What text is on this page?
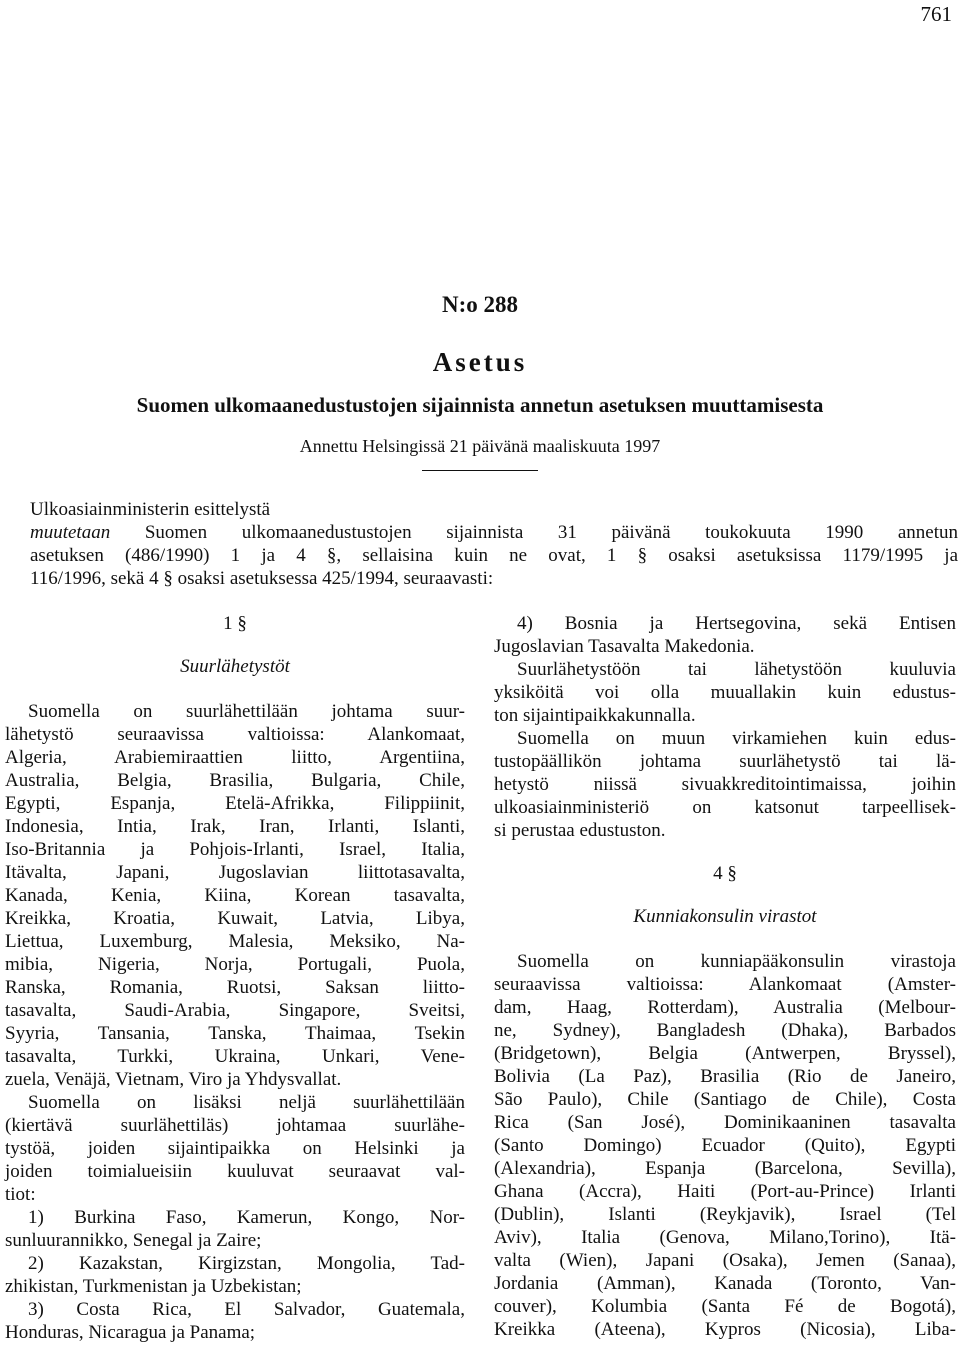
761
N:o 288
Asetus
Suomen ulkomaanedustustojen sijainnista annetun asetuksen muuttamisesta
Annettu Helsingissä 21 päivänä maaliskuuta 1997
Ulkoasiainministerin esittelystä
muutetaan Suomen ulkomaanedustustojen sijainnista 31 päivänä toukokuuta 1990 annetun
asetuksen (486/1990) 1 ja 4 §, sellaisina kuin ne ovat, 1 § osaksi asetuksissa 1179/1995 ja
116/1996, sekä 4 § osaksi asetuksessa 425/1994, seuraavasti:
1 §
Suurlähetystöt
Suomella on suurlähettilään johtama suur-
lähetystö seuraavissa valtioissa: Alankomaat,
Algeria, Arabiemiraattien liitto, Argentiina,
Australia, Belgia, Brasilia, Bulgaria, Chile,
Egypti, Espanja, Etelä-Afrikka, Filippiinit,
Indonesia, Intia, Irak, Iran, Irlanti, Islanti,
Iso-Britannia ja Pohjois-Irlanti, Israel, Italia,
Itävalta, Japani, Jugoslavian liittotasavalta,
Kanada, Kenia, Kiina, Korean tasavalta,
Kreikka, Kroatia, Kuwait, Latvia, Libya,
Liettua, Luxemburg, Malesia, Meksiko, Na-
mibia, Nigeria, Norja, Portugali, Puola,
Ranska, Romania, Ruotsi, Saksan liitto-
tasavalta, Saudi-Arabia, Singapore, Sveitsi,
Syyria, Tansania, Tanska, Thaimaa, Tsekin
tasavalta, Turkki, Ukraina, Unkari, Vene-
zuela, Venäjä, Vietnam, Viro ja Yhdysvallat.
Suomella on lisäksi neljä suurlähettilään
(kiertävä suurlähettiläs) johtamaa suurlähe-
tystöä, joiden sijaintipaikka on Helsinki ja
joiden toimialueisiin kuuluvat seuraavat val-
tiot:
1) Burkina Faso, Kamerun, Kongo, Nor-
sunluurannikko, Senegal ja Zaire;
2) Kazakstan, Kirgizstan, Mongolia, Tad-
zhikistan, Turkmenistan ja Uzbekistan;
3) Costa Rica, El Salvador, Guatemala,
Honduras, Nicaragua ja Panama;
4) Bosnia ja Hertsegovina, sekä Entisen
Jugoslavian Tasavalta Makedonia.
Suurlähetystöön tai lähetystöön kuuluvia
yksiköitä voi olla muuallakin kuin edustus-
ton sijaintipaikkakunnalla.
Suomella on muun virkamiehen kuin edus-
tustopäällikön johtama suurlähetystö tai lä-
hetystö niissä sivuakkreditointimaissa, joihin
ulkoasiainministeriö on katsonut tarpeellisek-
si perustaa edustuston.
4 §
Kunniakonsulin virastot
Suomella on kunniapääkonsulin virastoja
seuraavissa valtioissa: Alankomaat (Amster-
dam, Haag, Rotterdam), Australia (Melbour-
ne, Sydney), Bangladesh (Dhaka), Barbados
(Bridgetown), Belgia (Antwerpen, Bryssel),
Bolivia (La Paz), Brasilia (Rio de Janeiro,
São Paulo), Chile (Santiago de Chile), Costa
Rica (San José), Dominikaaninen tasavalta
(Santo Domingo) Ecuador (Quito), Egypti
(Alexandria), Espanja (Barcelona, Sevilla),
Ghana (Accra), Haiti (Port-au-Prince) Irlanti
(Dublin), Islanti (Reykjavik), Israel (Tel
Aviv), Italia (Genova, Milano,Torino), Itä-
valta (Wien), Japani (Osaka), Jemen (Sanaa),
Jordania (Amman), Kanada (Toronto, Van-
couver), Kolumbia (Santa Fé de Bogotá),
Kreikka (Ateena), Kypros (Nicosia), Liba-
